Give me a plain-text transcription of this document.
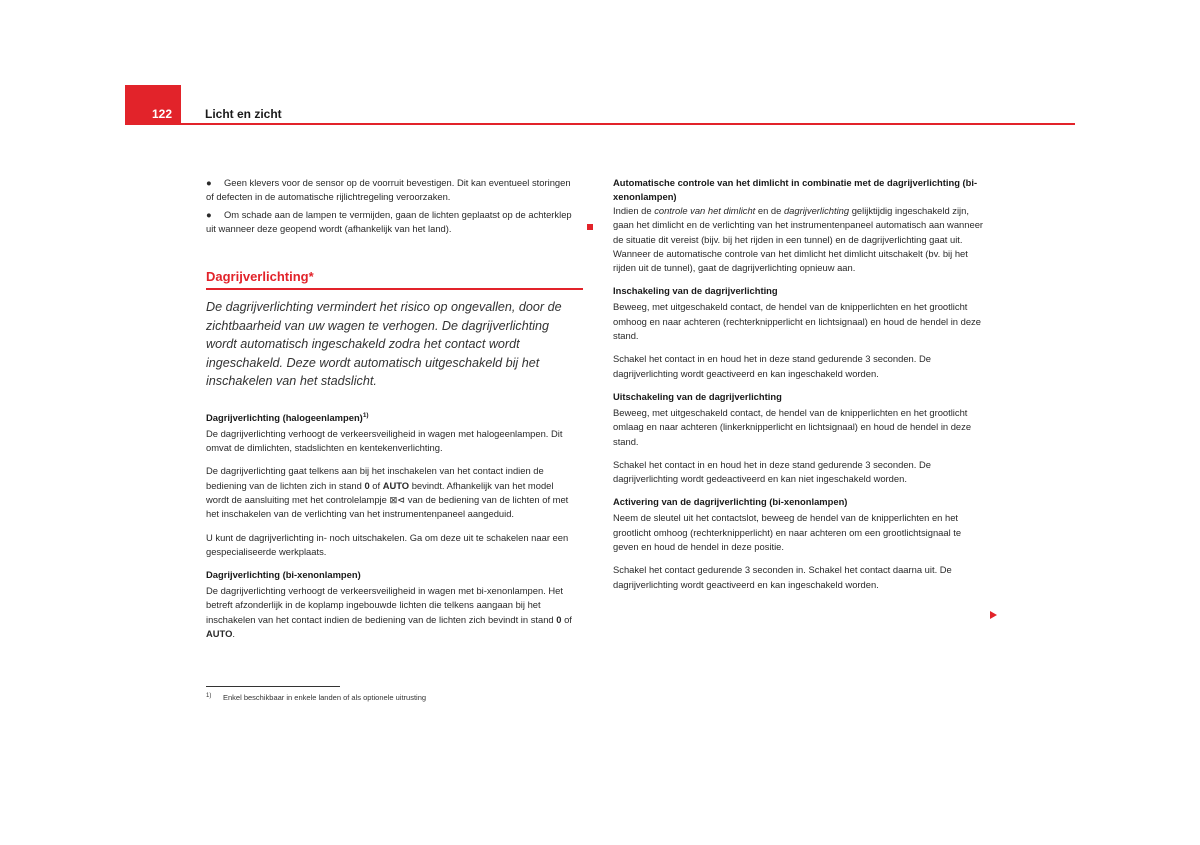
122	Licht en zicht

● Geen klevers voor de sensor op de voorruit bevestigen. Dit kan eventueel storingen of defecten in de automatische rijlichtregeling veroorzaken.

● Om schade aan de lampen te vermijden, gaan de lichten geplaatst op de achterklep uit wanneer deze geopend wordt (afhankelijk van het land).

Dagrijverlichting*

De dagrijverlichting vermindert het risico op ongevallen, door de zichtbaarheid van uw wagen te verhogen. De dagrijverlichting wordt automatisch ingeschakeld zodra het contact wordt ingeschakeld. Deze wordt automatisch uitgeschakeld bij het inschakelen van het stadslicht.

Dagrijverlichting (halogeenlampen)$^{1)}$

De dagrijverlichting verhoogt de verkeersveiligheid in wagen met halogeenlampen. Dit omvat de dimlichten, stadslichten en kentekenverlichting.

De dagrijverlichting gaat telkens aan bij het inschakelen van het contact indien de bediening van de lichten zich in stand 0 of AUTO bevindt. Afhankelijk van het model wordt de aansluiting met het controlelampje ⊠⊲ van de bediening van de lichten of met het inschakelen van de verlichting van het instrumentenpaneel aangeduid.

U kunt de dagrijverlichting in- noch uitschakelen. Ga om deze uit te schakelen naar een gespecialiseerde werkplaats.

Dagrijverlichting (bi-xenonlampen)

De dagrijverlichting verhoogt de verkeersveiligheid in wagen met bi-xenonlampen. Het betreft afzonderlijk in de koplamp ingebouwde lichten die telkens aangaan bij het inschakelen van het contact indien de bediening van de lichten zich bevindt in stand 0 of AUTO.

1) Enkel beschikbaar in enkele landen of als optionele uitrusting

Automatische controle van het dimlicht in combinatie met de dagrijverlichting (bi-xenonlampen)

Indien de controle van het dimlicht en de dagrijverlichting gelijktijdig ingeschakeld zijn, gaan het dimlicht en de verlichting van het instrumentenpaneel automatisch aan wanneer de situatie dit vereist (bijv. bij het rijden in een tunnel) en de dagrijverlichting gaat uit. Wanneer de automatische controle van het dimlicht het dimlicht uitschakelt (bv. bij het rijden uit de tunnel), gaat de dagrijverlichting opnieuw aan.

Inschakeling van de dagrijverlichting

Beweeg, met uitgeschakeld contact, de hendel van de knipperlichten en het grootlicht omhoog en naar achteren (rechterknipperlicht en lichtsignaal) en houd de hendel in deze stand.

Schakel het contact in en houd het in deze stand gedurende 3 seconden. De dagrijverlichting wordt geactiveerd en kan ingeschakeld worden.

Uitschakeling van de dagrijverlichting

Beweeg, met uitgeschakeld contact, de hendel van de knipperlichten en het grootlicht omlaag en naar achteren (linkerknipperlicht en lichtsignaal) en houd de hendel in deze stand.

Schakel het contact in en houd het in deze stand gedurende 3 seconden. De dagrijverlichting wordt gedeactiveerd en kan niet ingeschakeld worden.

Activering van de dagrijverlichting (bi-xenonlampen)

Neem de sleutel uit het contactslot, beweeg de hendel van de knipperlichten en het grootlicht omhoog (rechterknipperlicht) en naar achteren om een grootlichtsignaal te geven en houd de hendel in deze positie.

Schakel het contact gedurende 3 seconden in. Schakel het contact daarna uit. De dagrijverlichting wordt geactiveerd en kan ingeschakeld worden.
